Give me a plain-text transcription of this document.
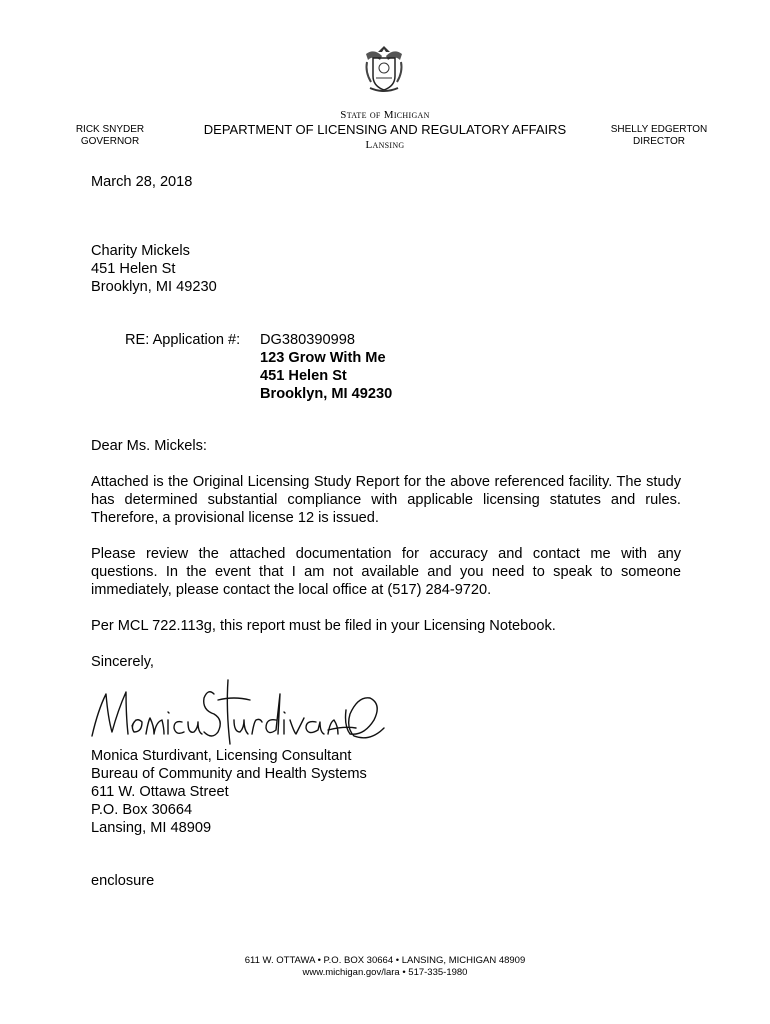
RICK SNYDER
GOVERNOR
State of Michigan
DEPARTMENT OF LICENSING AND REGULATORY AFFAIRS
Lansing
SHELLY EDGERTON
DIRECTOR
March 28, 2018
Charity Mickels
451 Helen St
Brooklyn, MI 49230
RE: Application #: DG380390998
123 Grow With Me
451 Helen St
Brooklyn, MI 49230
Dear Ms. Mickels:
Attached is the Original Licensing Study Report for the above referenced facility. The study has determined substantial compliance with applicable licensing statutes and rules. Therefore, a provisional license 12 is issued.
Please review the attached documentation for accuracy and contact me with any questions. In the event that I am not available and you need to speak to someone immediately, please contact the local office at (517) 284-9720.
Per MCL 722.113g, this report must be filed in your Licensing Notebook.
Sincerely,
Monica Sturdivant, Licensing Consultant
Bureau of Community and Health Systems
611 W. Ottawa Street
P.O. Box 30664
Lansing, MI 48909
enclosure
611 W. OTTAWA • P.O. BOX 30664 • LANSING, MICHIGAN 48909
www.michigan.gov/lara • 517-335-1980
